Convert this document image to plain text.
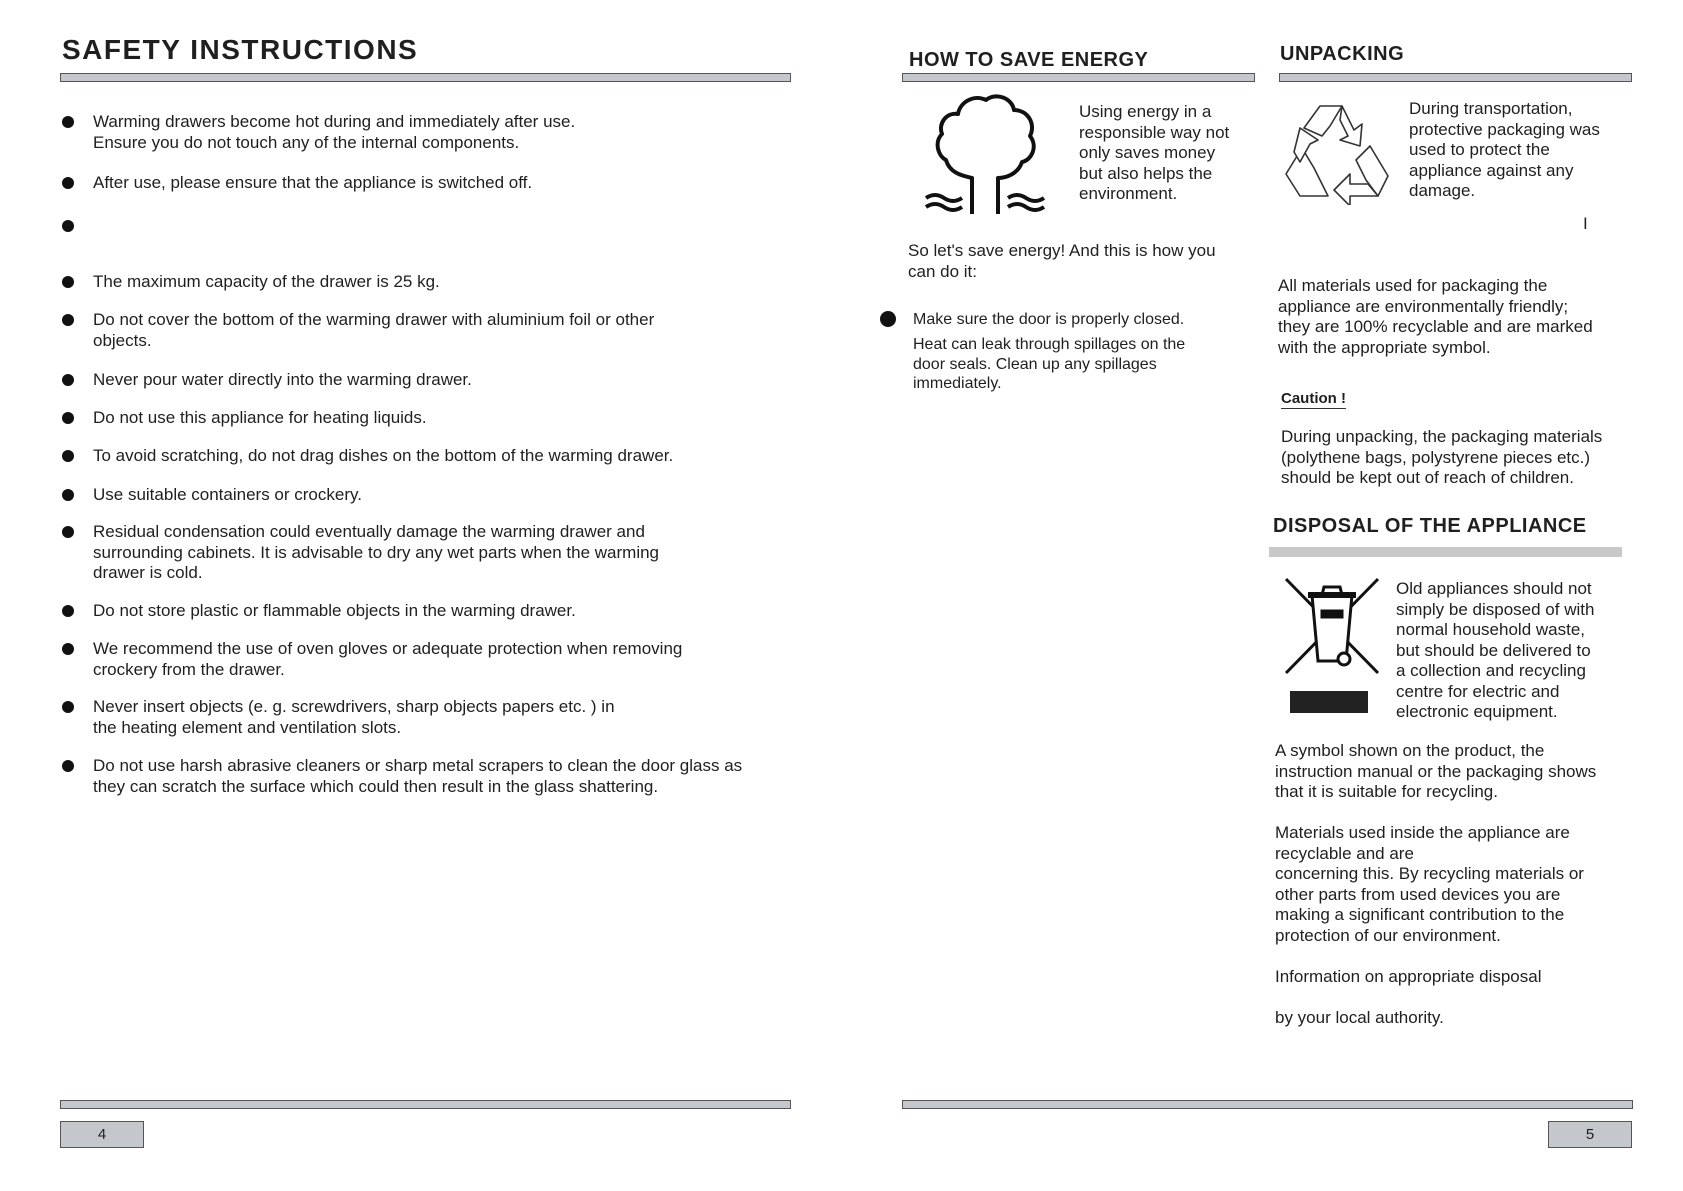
SAFETY INSTRUCTIONS
Warming drawers become hot during and immediately after use.
Ensure you do not touch any of the internal components.
After use, please ensure that the appliance is switched off.
The maximum capacity of the drawer is 25 kg.
Do not cover the bottom of the warming drawer with aluminium foil or other
objects.
Never pour water directly into the warming drawer.
Do not use this appliance for heating liquids.
To avoid scratching, do not drag dishes on the bottom of the warming drawer.
Use suitable containers or crockery.
Residual condensation could eventually damage the warming drawer and
surrounding cabinets. It is advisable to dry any wet parts when the warming
drawer is cold.
Do not store plastic or flammable objects in the warming drawer.
We recommend the use of oven gloves or adequate protection when removing
crockery from the drawer.
Never insert objects (e. g. screwdrivers, sharp objects papers etc. ) in
the heating element and ventilation slots.
Do not use harsh abrasive cleaners or sharp metal scrapers to clean the door glass as
they can scratch the surface which could then result in the glass shattering.
4
HOW TO SAVE ENERGY
Using energy in a
responsible way not
only saves money
but also helps the
environment.
So let's save energy! And this is how you
can do it:
Make sure the door is properly closed.
Heat can leak through spillages on the
door seals. Clean up any spillages
immediately.
5
UNPACKING
During transportation,
protective packaging was
used to protect the
appliance against any
damage.
I
All materials used for packaging the
appliance are environmentally friendly;
they are 100% recyclable and are marked
with the appropriate symbol.
Caution !
During unpacking, the packaging materials
(polythene bags, polystyrene pieces etc.)
should be kept out of reach of children.
DISPOSAL OF THE APPLIANCE
Old appliances should not
simply be disposed of with
normal household waste,
but should be delivered to
a collection and recycling
centre for electric and
electronic equipment.
A symbol shown on the product, the
instruction manual or the packaging shows
that it is suitable for recycling.
Materials used inside the appliance are
recyclable and are
concerning this. By recycling materials or
other parts from used devices you are
making a significant contribution to the
protection of our environment.
Information on appropriate disposal
by your local authority.
